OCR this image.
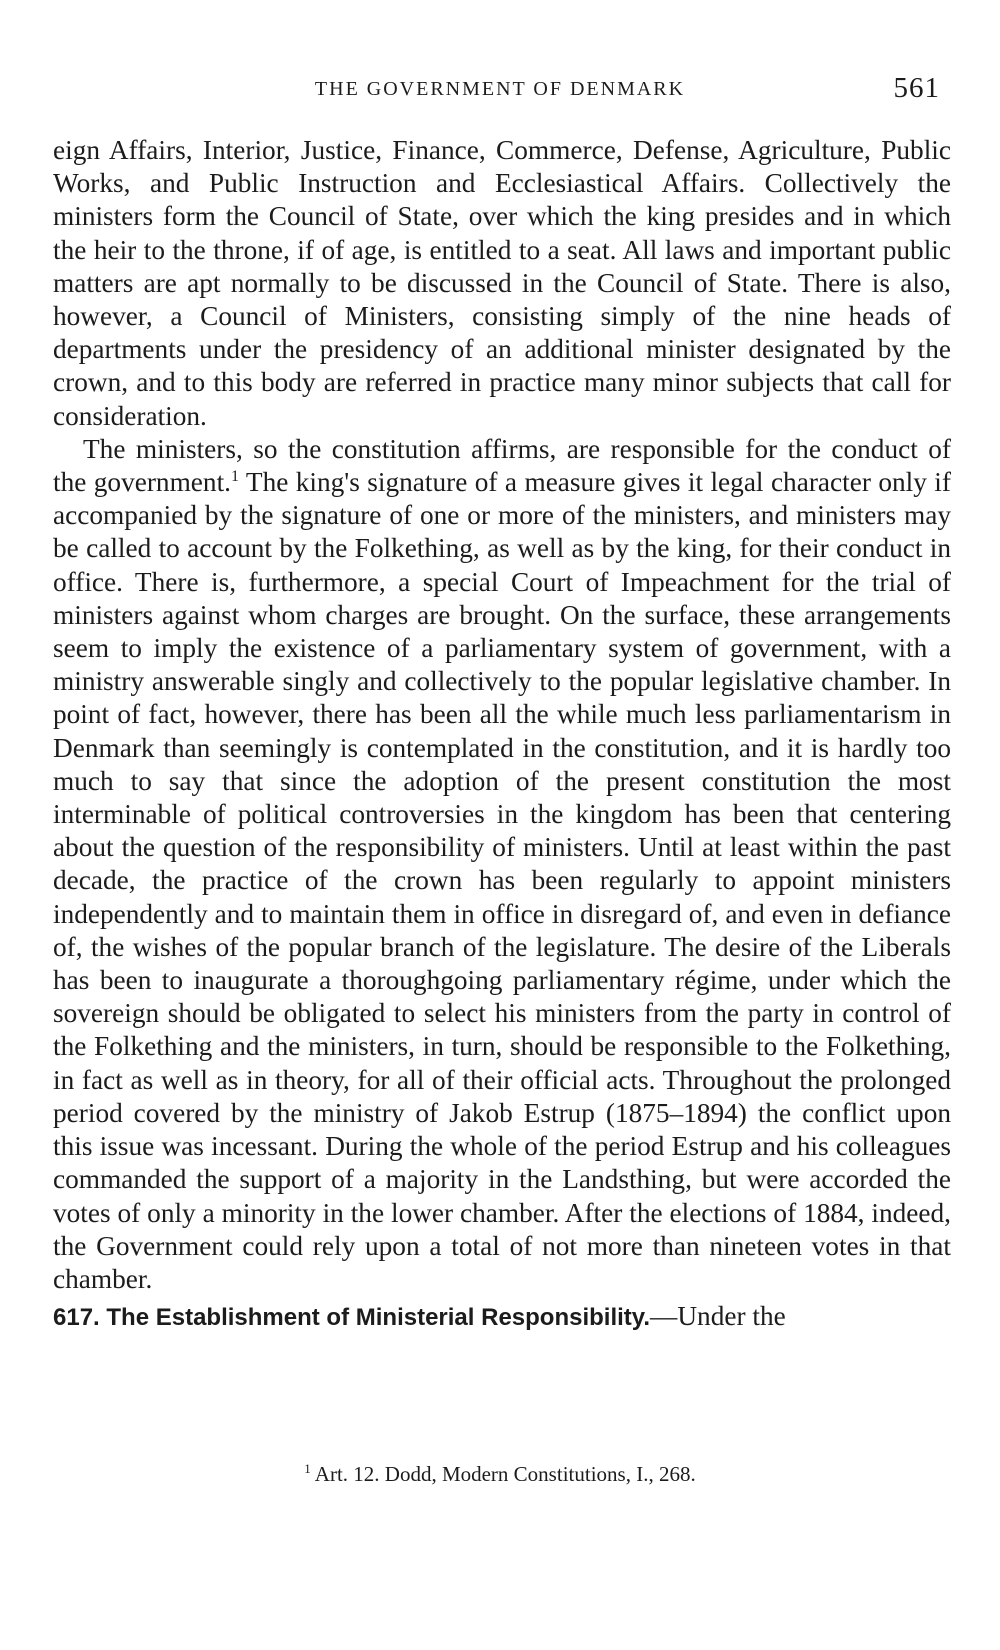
THE GOVERNMENT OF DENMARK	561

eign Affairs, Interior, Justice, Finance, Commerce, Defense, Agriculture, Public Works, and Public Instruction and Ecclesiastical Affairs. Collectively the ministers form the Council of State, over which the king presides and in which the heir to the throne, if of age, is entitled to a seat. All laws and important public matters are apt normally to be discussed in the Council of State. There is also, however, a Council of Ministers, consisting simply of the nine heads of departments under the presidency of an additional minister designated by the crown, and to this body are referred in practice many minor subjects that call for consideration.

The ministers, so the constitution affirms, are responsible for the conduct of the government.$^1$ The king's signature of a measure gives it legal character only if accompanied by the signature of one or more of the ministers, and ministers may be called to account by the Folkething, as well as by the king, for their conduct in office. There is, furthermore, a special Court of Impeachment for the trial of ministers against whom charges are brought. On the surface, these arrangements seem to imply the existence of a parliamentary system of government, with a ministry answerable singly and collectively to the popular legislative chamber. In point of fact, however, there has been all the while much less parliamentarism in Denmark than seemingly is contemplated in the constitution, and it is hardly too much to say that since the adoption of the present constitution the most interminable of political controversies in the kingdom has been that centering about the question of the responsibility of ministers. Until at least within the past decade, the practice of the crown has been regularly to appoint ministers independently and to maintain them in office in disregard of, and even in defiance of, the wishes of the popular branch of the legislature. The desire of the Liberals has been to inaugurate a thoroughgoing parliamentary régime, under which the sovereign should be obligated to select his ministers from the party in control of the Folkething and the ministers, in turn, should be responsible to the Folkething, in fact as well as in theory, for all of their official acts. Throughout the prolonged period covered by the ministry of Jakob Estrup (1875–1894) the conflict upon this issue was incessant. During the whole of the period Estrup and his colleagues commanded the support of a majority in the Landsthing, but were accorded the votes of only a minority in the lower chamber. After the elections of 1884, indeed, the Government could rely upon a total of not more than nineteen votes in that chamber.

617. The Establishment of Ministerial Responsibility.—Under the

$^1$ Art. 12. Dodd, Modern Constitutions, I., 268.
